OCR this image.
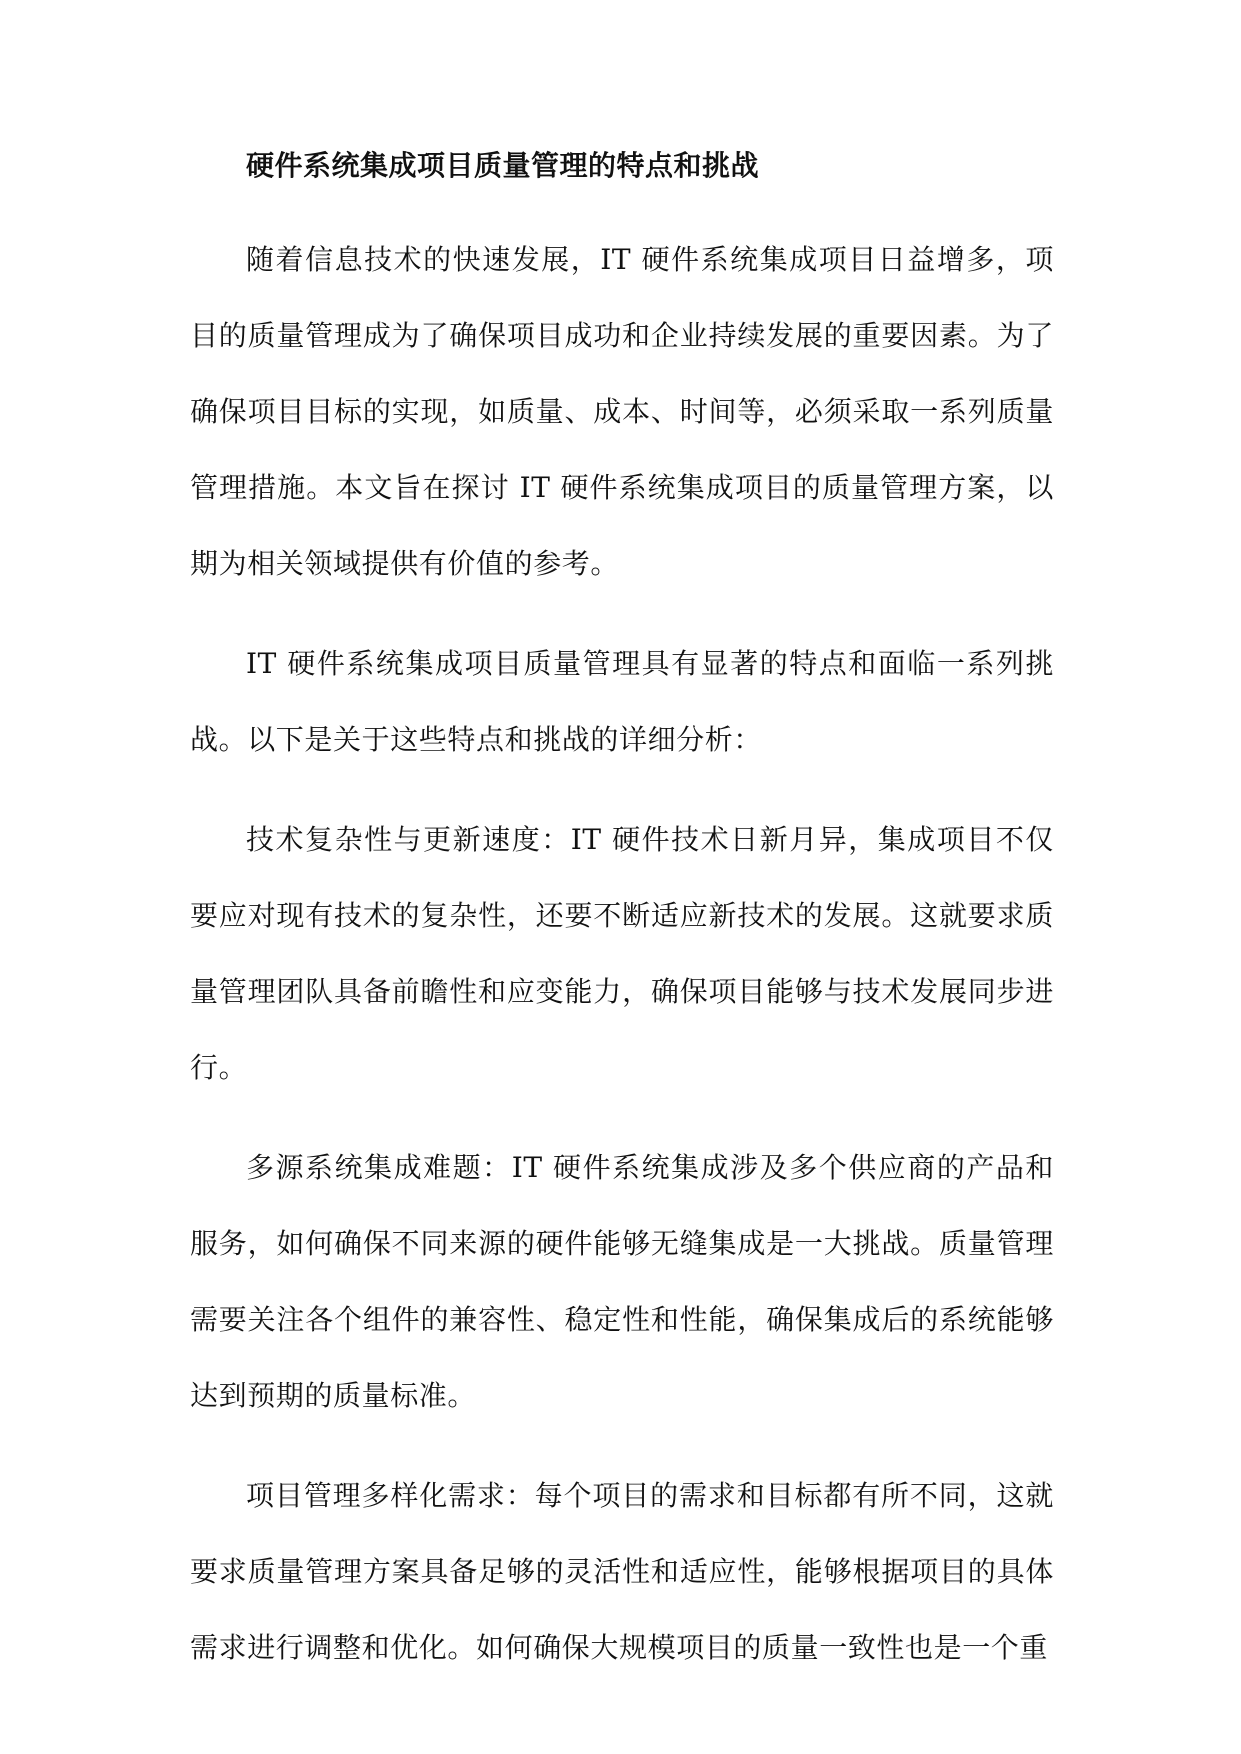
硬件系统集成项目质量管理的特点和挑战

随着信息技术的快速发展，IT 硬件系统集成项目日益增多，项目的质量管理成为了确保项目成功和企业持续发展的重要因素。为了确保项目目标的实现，如质量、成本、时间等，必须采取一系列质量管理措施。本文旨在探讨 IT 硬件系统集成项目的质量管理方案，以期为相关领域提供有价值的参考。

IT 硬件系统集成项目质量管理具有显著的特点和面临一系列挑战。以下是关于这些特点和挑战的详细分析：

技术复杂性与更新速度：IT 硬件技术日新月异，集成项目不仅要应对现有技术的复杂性，还要不断适应新技术的发展。这就要求质量管理团队具备前瞻性和应变能力，确保项目能够与技术发展同步进行。

多源系统集成难题：IT 硬件系统集成涉及多个供应商的产品和服务，如何确保不同来源的硬件能够无缝集成是一大挑战。质量管理需要关注各个组件的兼容性、稳定性和性能，确保集成后的系统能够达到预期的质量标准。

项目管理多样化需求：每个项目的需求和目标都有所不同，这就要求质量管理方案具备足够的灵活性和适应性，能够根据项目的具体需求进行调整和优化。如何确保大规模项目的质量一致性也是一个重
